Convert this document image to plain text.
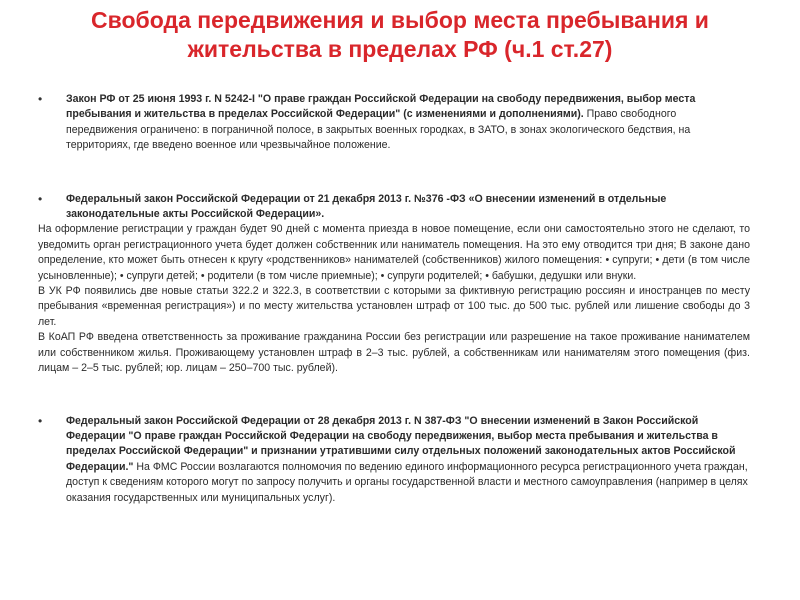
Свобода передвижения и выбор места пребывания и жительства в пределах РФ (ч.1 ст.27)

• Закон РФ от 25 июня 1993 г. N 5242-I "О праве граждан Российской Федерации на свободу передвижения, выбор места пребывания и жительства в пределах Российской Федерации" (с изменениями и дополнениями). Право свободного передвижения ограничено: в пограничной полосе, в закрытых военных городках, в ЗАТО, в зонах экологического бедствия, на территориях, где введено военное или чрезвычайное положение.

• Федеральный закон Российской Федерации от 21 декабря 2013 г. №376 -ФЗ «О внесении изменений в отдельные законодательные акты Российской Федерации».

На оформление регистрации у граждан будет 90 дней с момента приезда в новое помещение, если они самостоятельно этого не сделают, то уведомить орган регистрационного учета будет должен собственник или наниматель помещения. На это ему отводится три дня; В законе дано определение, кто может быть отнесен к кругу «родственников» нанимателей (собственников) жилого помещения: • супруги; • дети (в том числе усыновленные); • супруги детей; • родители (в том числе приемные); • супруги родителей; • бабушки, дедушки или внуки.

В УК РФ появились две новые статьи 322.2 и 322.3, в соответствии с которыми за фиктивную регистрацию россиян и иностранцев по месту пребывания «временная регистрация») и по месту жительства установлен штраф от 100 тыс. до 500 тыс. рублей или лишение свободы до 3 лет.

В КоАП РФ введена ответственность за проживание гражданина России без регистрации или разрешение на такое проживание нанимателем или собственником жилья. Проживающему установлен штраф в 2–3 тыс. рублей, а собственникам или нанимателям этого помещения (физ. лицам – 2–5 тыс. рублей; юр. лицам – 250–700 тыс. рублей).

• Федеральный закон Российской Федерации от 28 декабря 2013 г. N 387-ФЗ "О внесении изменений в Закон Российской Федерации "О праве граждан Российской Федерации на свободу передвижения, выбор места пребывания и жительства в пределах Российской Федерации" и признании утратившими силу отдельных положений законодательных актов Российской Федерации." На ФМС России возлагаются полномочия по ведению единого информационного ресурса регистрационного учета граждан, доступ к сведениям которого могут по запросу получить и органы государственной власти и местного самоуправления (например в целях оказания государственных или муниципальных услуг).
